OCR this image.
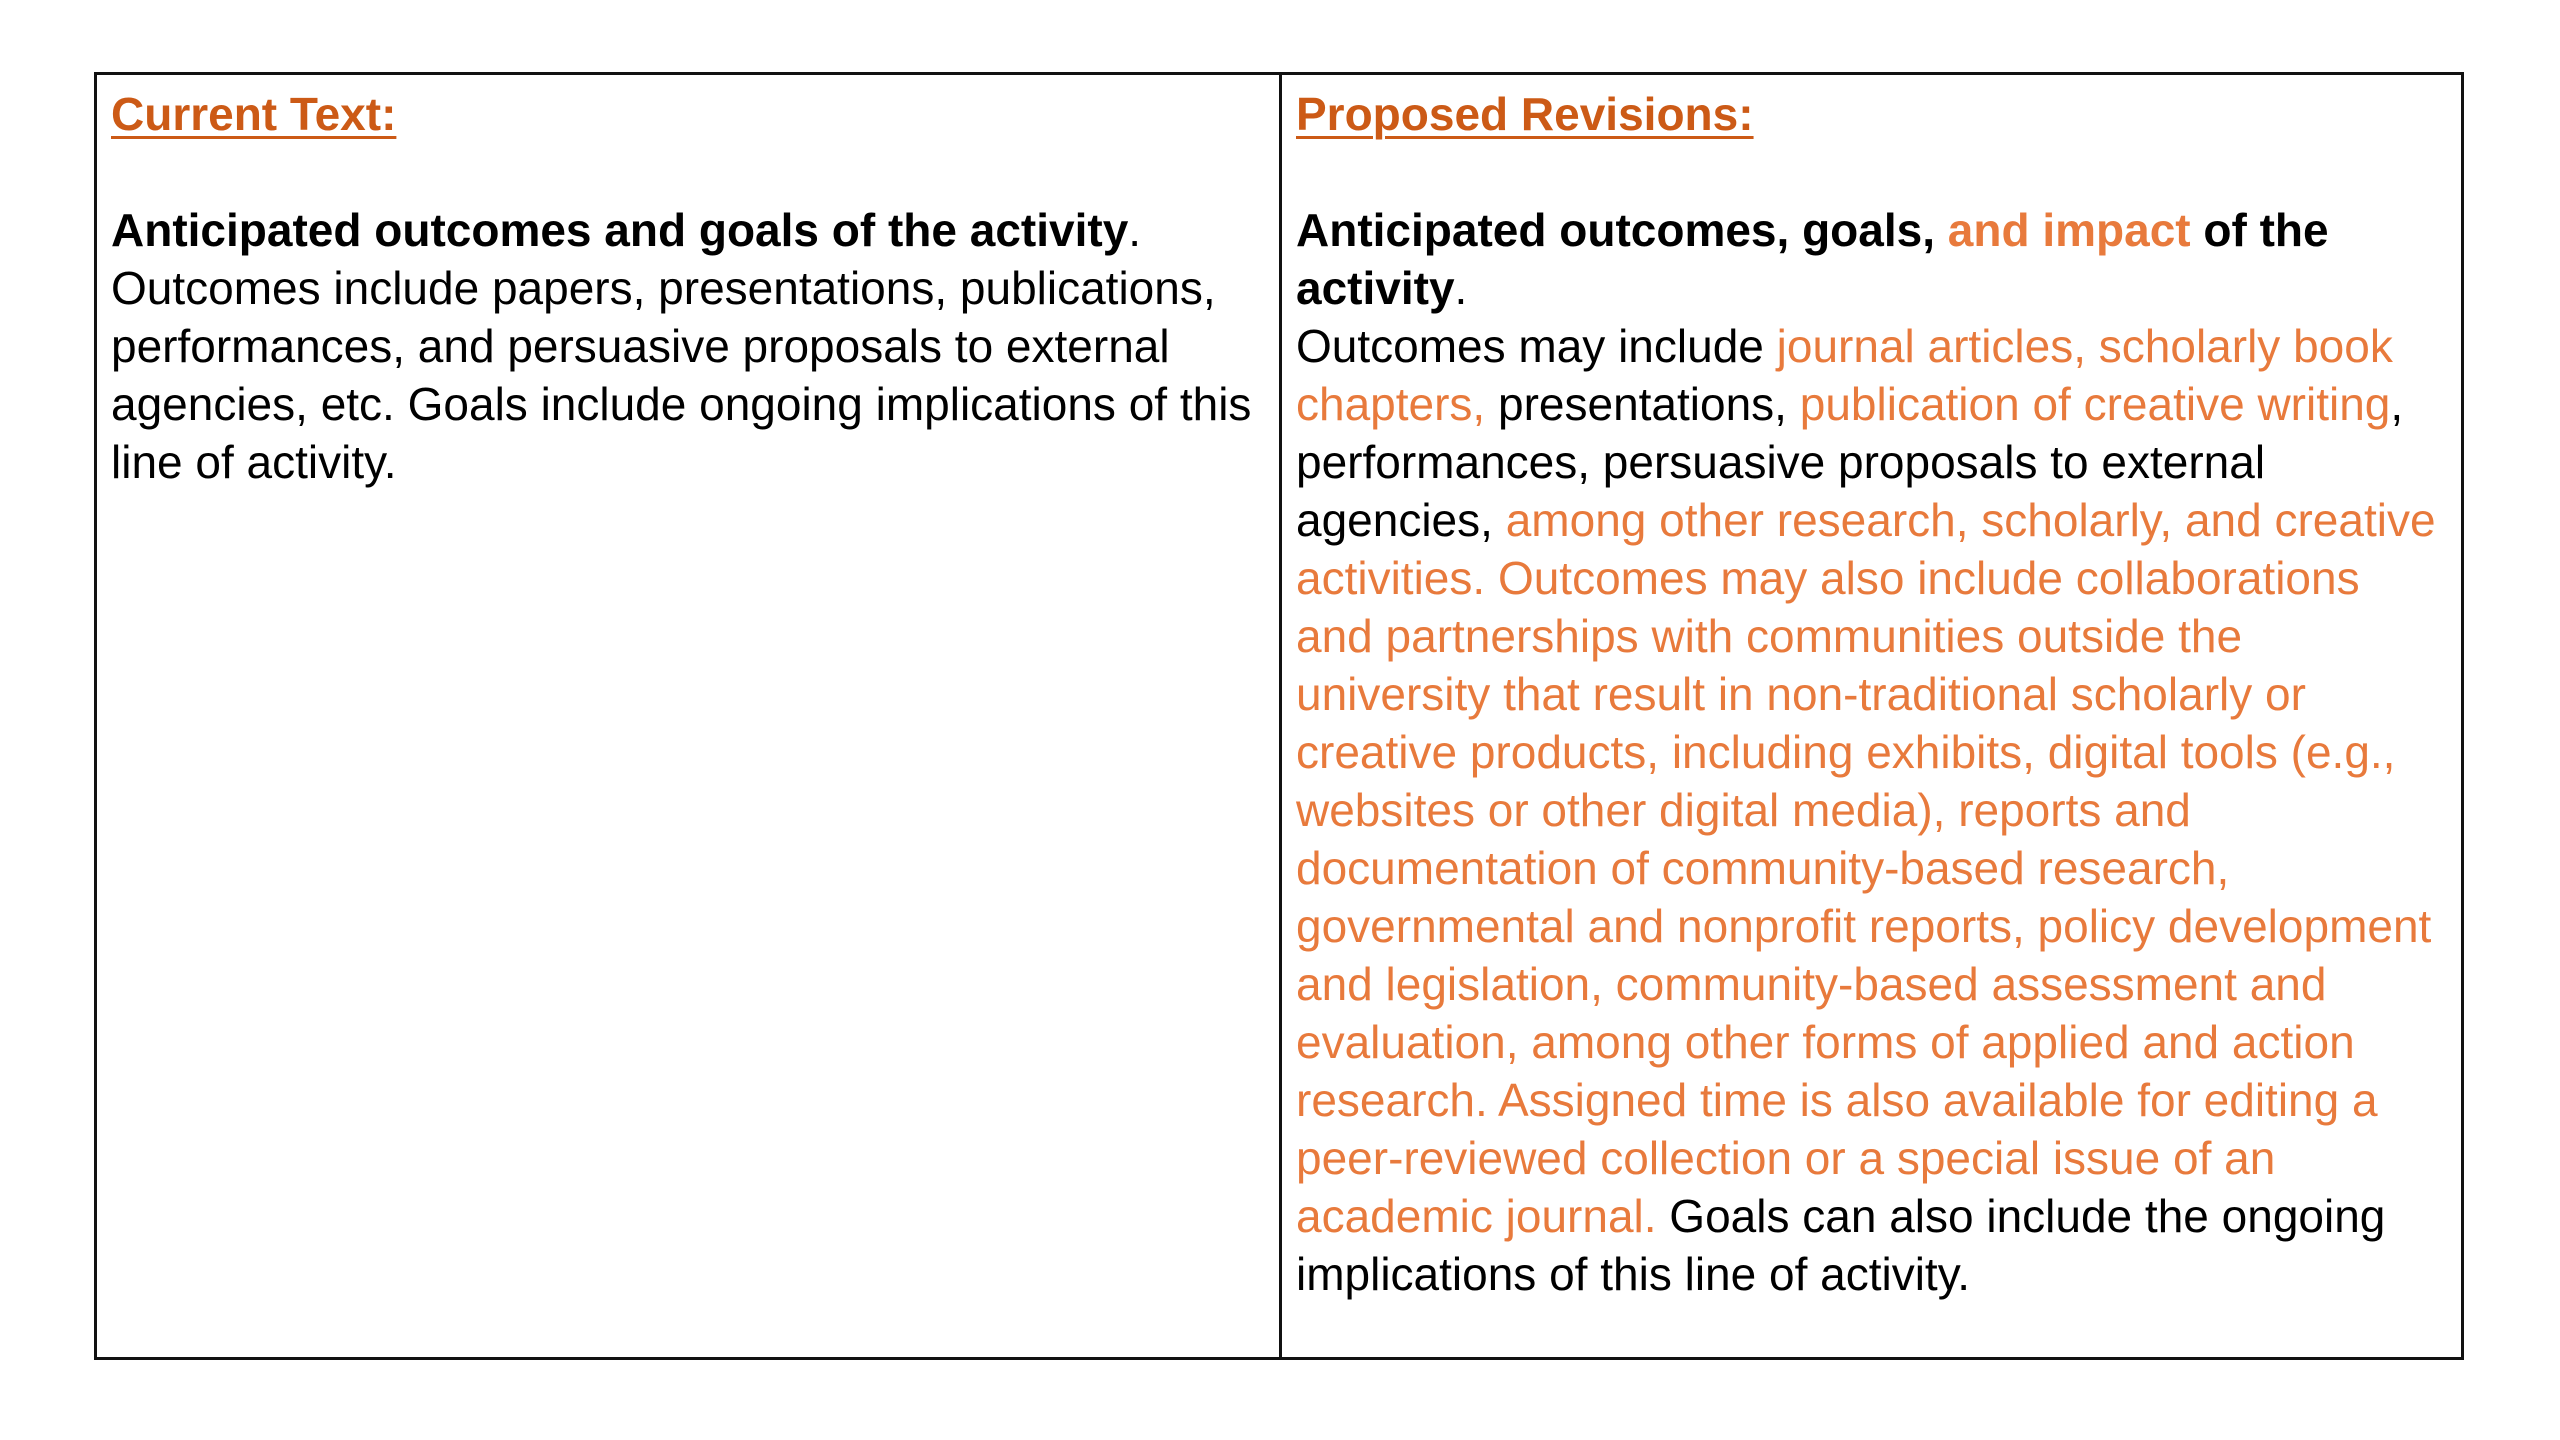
Current Text:
Anticipated outcomes and goals of the activity.
Outcomes include papers, presentations, publications, performances, and persuasive proposals to external agencies, etc. Goals include ongoing implications of this line of activity.
Proposed Revisions:
Anticipated outcomes, goals, and impact of the activity.
Outcomes may include journal articles, scholarly book chapters, presentations, publication of creative writing, performances, persuasive proposals to external agencies, among other research, scholarly, and creative activities. Outcomes may also include collaborations and partnerships with communities outside the university that result in non-traditional scholarly or creative products, including exhibits, digital tools (e.g., websites or other digital media), reports and documentation of community-based research, governmental and nonprofit reports, policy development and legislation, community-based assessment and evaluation, among other forms of applied and action research. Assigned time is also available for editing a peer-reviewed collection or a special issue of an academic journal. Goals can also include the ongoing implications of this line of activity.
